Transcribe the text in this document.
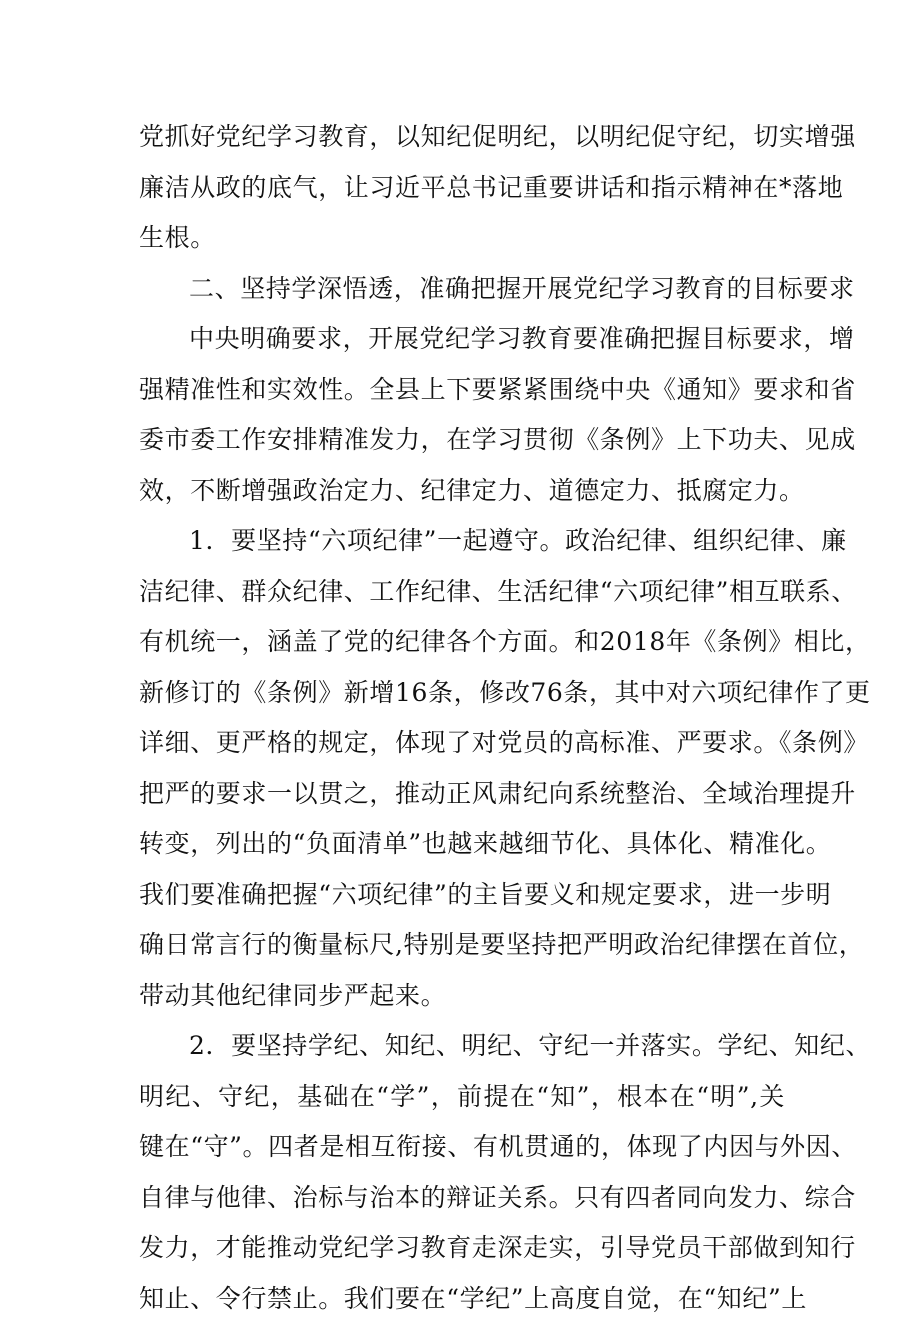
党抓好党纪学习教育，以知纪促明纪，以明纪促守纪，切实增强
廉洁从政的底气，让习近平总书记重要讲话和指示精神在*落地
生根。
二、坚持学深悟透，准确把握开展党纪学习教育的目标要求
中央明确要求，开展党纪学习教育要准确把握目标要求，增
强精准性和实效性。全县上下要紧紧围绕中央《通知》要求和省
委市委工作安排精准发力，在学习贯彻《条例》上下功夫、见成
效，不断增强政治定力、纪律定力、道德定力、抵腐定力。
1．要坚持“六项纪律”一起遵守。政治纪律、组织纪律、廉
洁纪律、群众纪律、工作纪律、生活纪律“六项纪律”相互联系、
有机统一，涵盖了党的纪律各个方面。和2018年《条例》相比，
新修订的《条例》新增16条，修改76条，其中对六项纪律作了更
详细、更严格的规定，体现了对党员的高标准、严要求。《条例》
把严的要求一以贯之，推动正风肃纪向系统整治、全域治理提升
转变，列出的“负面清单”也越来越细节化、具体化、精准化。
我们要准确把握“六项纪律”的主旨要义和规定要求，进一步明
确日常言行的衡量标尺,特别是要坚持把严明政治纪律摆在首位，
带动其他纪律同步严起来。
2．要坚持学纪、知纪、明纪、守纪一并落实。学纪、知纪、
明纪、守纪，基础在“学”，前提在“知”，根本在“明”,关
键在“守”。四者是相互衔接、有机贯通的，体现了内因与外因、
自律与他律、治标与治本的辩证关系。只有四者同向发力、综合
发力，才能推动党纪学习教育走深走实，引导党员干部做到知行
知止、令行禁止。我们要在“学纪”上高度自觉，在“知纪”上
